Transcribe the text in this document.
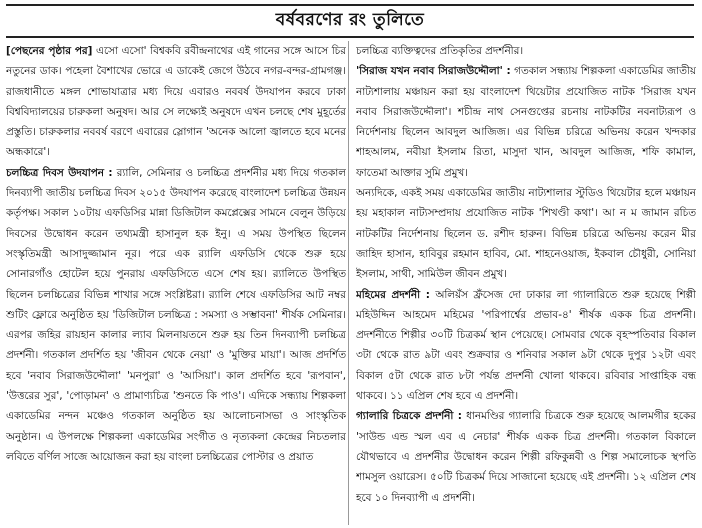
বর্ষবরণের রং তুলিতে

[পেছনের পৃষ্ঠার পর] এসো এসো' বিশ্বকবি রবীন্দ্রনাথের এই গানের সঙ্গে আসে চির নতুনের ডাক। পহেলা বৈশাখের ভোরে এ ডাকেই জেগে উঠবে নগর-বন্দর-গ্রামগঞ্জ। রাজধানীতে মঙ্গল শোভাযাত্রার মধ্য দিয়ে এবারও নববর্ষ উদযাপন করবে ঢাকা বিশ্ববিদ্যালয়ের চারুকলা অনুষদ। আর সে লক্ষ্যেই অনুষদে এখন চলছে শেষ মুহূর্তের প্রস্তুতি। চারুকলার নববর্ষ বরণে এবারের স্লোগান 'অনেক আলো জ্বালতে হবে মনের অন্ধকারে'।

চলচ্চিত্র দিবস উদযাপন : র‍্যালি, সেমিনার ও চলচ্চিত্র প্রদর্শনীর মধ্য দিয়ে গতকাল দিনব্যাপী জাতীয় চলচ্চিত্র দিবস ২০১৫ উদযাপন করেছে বাংলাদেশ চলচ্চিত্র উন্নয়ন কর্তৃপক্ষ। সকাল ১০টায় এফডিসির মান্না ডিজিটাল কমপ্লেক্সের সামনে বেলুন উড়িয়ে দিবসের উদ্বোধন করেন তথ্যমন্ত্রী হাসানুল হক ইনু। এ সময় উপস্থিত ছিলেন সংস্কৃতিমন্ত্রী আসাদুজ্জামান নূর। পরে এক র‍্যালি এফডিসি থেকে শুরু হয়ে সোনারগাঁও হোটেল হয়ে পুনরায় এফডিসিতে এসে শেষ হয়। র‍্যালিতে উপস্থিত ছিলেন চলচ্চিত্রের বিভিন্ন শাখার সঙ্গে সংশ্লিষ্টরা। র‍্যালি শেষে এফডিসির আট নম্বর শুটিং ফ্লোরে অনুষ্ঠিত হয় 'ডিজিটাল চলচ্চিত্র : সমস্যা ও সম্ভাবনা' শীর্ষক সেমিনার। এরপর জহির রায়হান কালার ল্যাব মিলনায়তনে শুরু হয় তিন দিনব্যাপী চলচ্চিত্র প্রদর্শনী। গতকাল প্রদর্শিত হয় 'জীবন থেকে নেয়া' ও 'মুক্তির মায়া'। আজ প্রদর্শিত হবে 'নবাব সিরাজউদ্দৌলা' 'মনপুরা' ও 'আসিয়া'। কাল প্রদর্শিত হবে 'রূপবান', 'উত্তরের সুর', 'পোড়ামন' ও প্রামাণ্যচিত্র 'শুনতে কি পাও'। এদিকে সন্ধ্যায় শিল্পকলা একাডেমির নন্দন মঞ্চেও গতকাল অনুষ্ঠিত হয় আলোচনাসভা ও সাংস্কৃতিক অনুষ্ঠান। এ উপলক্ষে শিল্পকলা একাডেমির সংগীত ও নৃত্যকলা কেন্দ্রের নিচতলার লবিতে বর্ণিল সাজে আয়োজন করা হয় বাংলা চলচ্চিত্রের পোস্টার ও প্রয়াত

চলচ্চিত্র ব্যক্তিত্বদের প্রতিকৃতির প্রদর্শনীর।

'সিরাজ যখন নবাব সিরাজউদ্দৌলা' : গতকাল সন্ধ্যায় শিল্পকলা একাডেমির জাতীয় নাট্যশালায় মঞ্চায়ন করা হয় বাংলাদেশ থিয়েটার প্রযোজিত নাটক 'সিরাজ যখন নবাব সিরাজউদ্দৌলা'। শচীন্দ্র নাথ সেনগুপ্তের রচনায় নাটকটির নবনাট্যরূপ ও নির্দেশনায় ছিলেন আবদুল আজিজ। এর বিভিন্ন চরিত্রে অভিনয় করেন খন্দকার শাহআলম, নবীয়া ইসলাম রিতা, মাসুদা খান, আবদুল আজিজ, শফি কামাল, ফাতেমা আক্তার সুমি প্রমুখ।

অন্যদিকে, একই সময় একাডেমির জাতীয় নাট্যশালার স্টুডিও থিয়েটার হলে মঞ্চায়ন হয় মহাকাল নাট্যসম্প্রদায় প্রযোজিত নাটক 'শিখণ্ডী কথা'। আ ন ম জামান রচিত নাটকটির নির্দেশনায় ছিলেন ড. রশীদ হারুন। বিভিন্ন চরিত্রে অভিনয় করেন মীর জাহিদ হাসান, হাবিবুর রহমান হাবিব, মো. শাহনেওয়াজ, ইকবাল চৌধুরী, সোনিয়া ইসলাম, সাথী, সামিউল জীবন প্রমুখ।

মহিমের প্রদর্শনী : অলিয়ঁস ফ্রঁসেজ দো ঢাকার লা গ্যালারিতে শুরু হয়েছে শিল্পী মহিউদ্দিন আহমেদ মহিমের 'পরিপার্শ্বের প্রভাব-৪' শীর্ষক একক চিত্র প্রদর্শনী। প্রদর্শনীতে শিল্পীর ৩০টি চিত্রকর্ম স্থান পেয়েছে। সোমবার থেকে বৃহস্পতিবার বিকাল ৩টা থেকে রাত ৯টা এবং শুক্রবার ও শনিবার সকাল ৯টা থেকে দুপুর ১২টা এবং বিকাল ৫টা থেকে রাত ৮টা পর্যন্ত প্রদর্শনী খোলা থাকবে। রবিবার সাপ্তাহিক বন্ধ থাকবে। ১১ এপ্রিল শেষ হবে এ প্রদর্শনী।

গ্যালারি চিত্রকে প্রদর্শনী : ধানমণ্ডির গ্যালারি চিত্রকে শুরু হয়েছে আলমগীর হকের 'সাউন্ড এন্ড স্মল এব এ নেচার' শীর্ষক একক চিত্র প্রদর্শনী। গতকাল বিকালে যৌথভাবে এ প্রদর্শনীর উদ্বোধন করেন শিল্পী রফিকুন্নবী ও শিল্প সমালোচক স্থপতি শামসুল ওয়ারেস। ৫০টি চিত্রকর্ম দিয়ে সাজানো হয়েছে এই প্রদর্শনী। ১২ এপ্রিল শেষ হবে ১০ দিনব্যাপী এ প্রদর্শনী।
